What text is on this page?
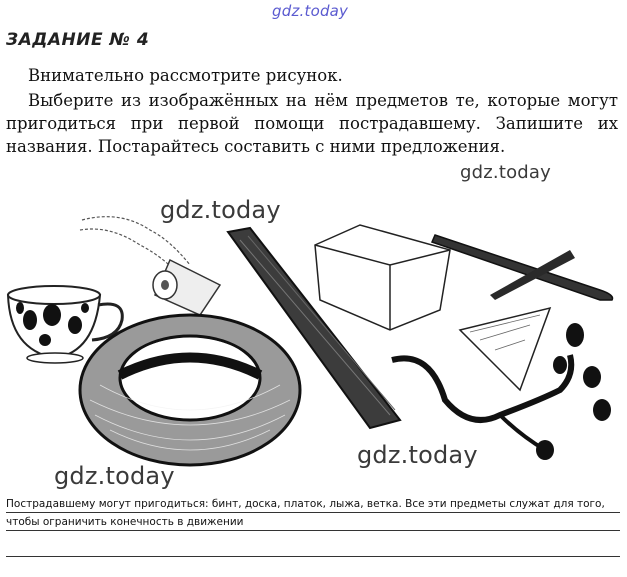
gdz.today
ЗАДАНИЕ № 4
Внимательно рассмотрите рисунок.
Выберите из изображённых на нём предметов те, которые могут пригодиться при первой помощи пострадавшему. Запишите их названия. Постарайтесь составить с ними предложения.
gdz.today
gdz.today
gdz.today
gdz.today
Пострадавшему могут пригодиться: бинт, доска, платок, лыжа, ветка. Все эти предметы служат для того, чтобы ограничить конечность в движении
